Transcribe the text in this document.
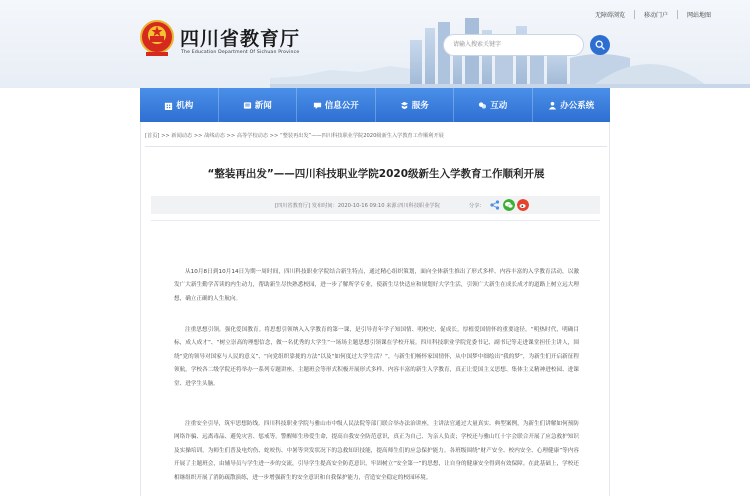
无障碍浏览	移动门户	网站地图
四川省教育厅
The Education Department Of Sichuan Province
请输入搜索关键字
机构	新闻	信息公开	服务	互动	办公系统
[首页] >> 新闻动态 >> 战线动态 >> 高等学校动态 >> “整装再出发”——四川科技职业学院2020级新生入学教育工作顺利开展
“整装再出发”——四川科技职业学院2020级新生入学教育工作顺利开展
[四川省教育厅] 发布时间：2020-10-16 09:10 来源:四川科技职业学院	分享：

从10月8日到10月14日为期一周时间，四川科技职业学院结合新生特点，通过精心组织策划，面向全体新生推出了形式多样、内容丰富的入学教育活动，以激发广大新生勤学苦读的内生动力，帮助新生尽快熟悉校园，进一步了解所学专业，使新生尽快适应和规划好大学生活，引领广大新生在成长成才的道路上树立远大理想，确立正确的人生航向。

注重思想引领，强化爱国教育。将思想引领纳入入学教育的第一课，是引导青年学子知国情、明校史、促成长，厚植爱国情怀的重要途径。“明热时代，明确目标，成人成才”、“树立崇高的理想信念，做一名优秀的大学生”一场场主题思想引领课在学校开展。四川科技职业学院党委书记、副书记等走进课堂担任主讲人，围绕“党的领导对国家与人民的意义”、“向党组织靠拢的方法”以及“如何度过大学生活？”，与新生们畅怀家国情怀，从中国梦中细绘出“我的梦”，为新生们开启新征程领航。学校各二级学院还将举办一系列专题讲座、主题班会等形式积极开展形式多样、内容丰富的新生入学教育，真正让爱国主义思想、集体主义精神进校园、进课堂、进学生头脑。

注重安全引导，筑牢思想防线。四川科技职业学院与雅山市中级人民法院等部门联合举办法治讲座，主讲法官通过大量真实、典型案例，为新生们讲解如何预防网络诈骗、远离毒品、避免灾害、惩戒等。警醒师生珍爱生命，提高自我安全防范意识，真正为自己、为亲人负责；学校还与雅山红十字会联合开展了应急救护知识及实操培训，为师生们普及电灼伤、蛇咬伤、中暑等突发状况下的急救知识技能，提高师生们的应急保护能力。各班级围绕“财产安全、校内安全、心理健康”等内容开展了主题班会，由辅导员与学生进一步的交流，引导学生提高安全防范意识，牢固树立“安全第一”的思想，让自身的健康安全得到有效保障。在此基础上，学校还相继组织开展了消防疏散演练，进一步增强新生的安全意识和自我保护能力，营造安全稳定的校园环境。
